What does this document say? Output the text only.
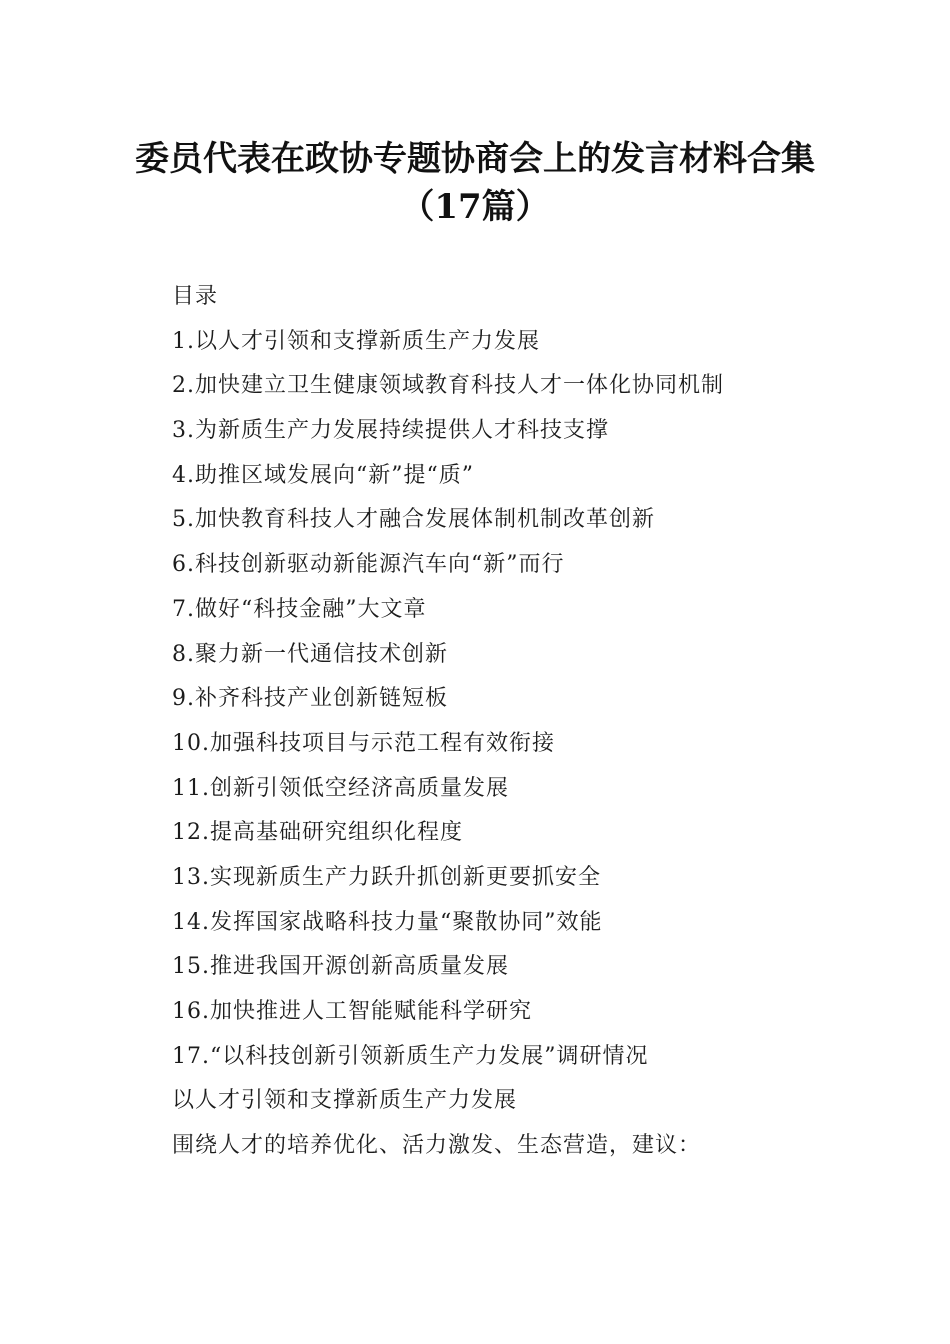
委员代表在政协专题协商会上的发言材料合集
（17篇）
目录
1.以人才引领和支撑新质生产力发展
2.加快建立卫生健康领域教育科技人才一体化协同机制
3.为新质生产力发展持续提供人才科技支撑
4.助推区域发展向“新”提“质”
5.加快教育科技人才融合发展体制机制改革创新
6.科技创新驱动新能源汽车向“新”而行
7.做好“科技金融”大文章
8.聚力新一代通信技术创新
9.补齐科技产业创新链短板
10.加强科技项目与示范工程有效衔接
11.创新引领低空经济高质量发展
12.提高基础研究组织化程度
13.实现新质生产力跃升抓创新更要抓安全
14.发挥国家战略科技力量“聚散协同”效能
15.推进我国开源创新高质量发展
16.加快推进人工智能赋能科学研究
17.“以科技创新引领新质生产力发展”调研情况
以人才引领和支撑新质生产力发展
围绕人才的培养优化、活力激发、生态营造，建议：
